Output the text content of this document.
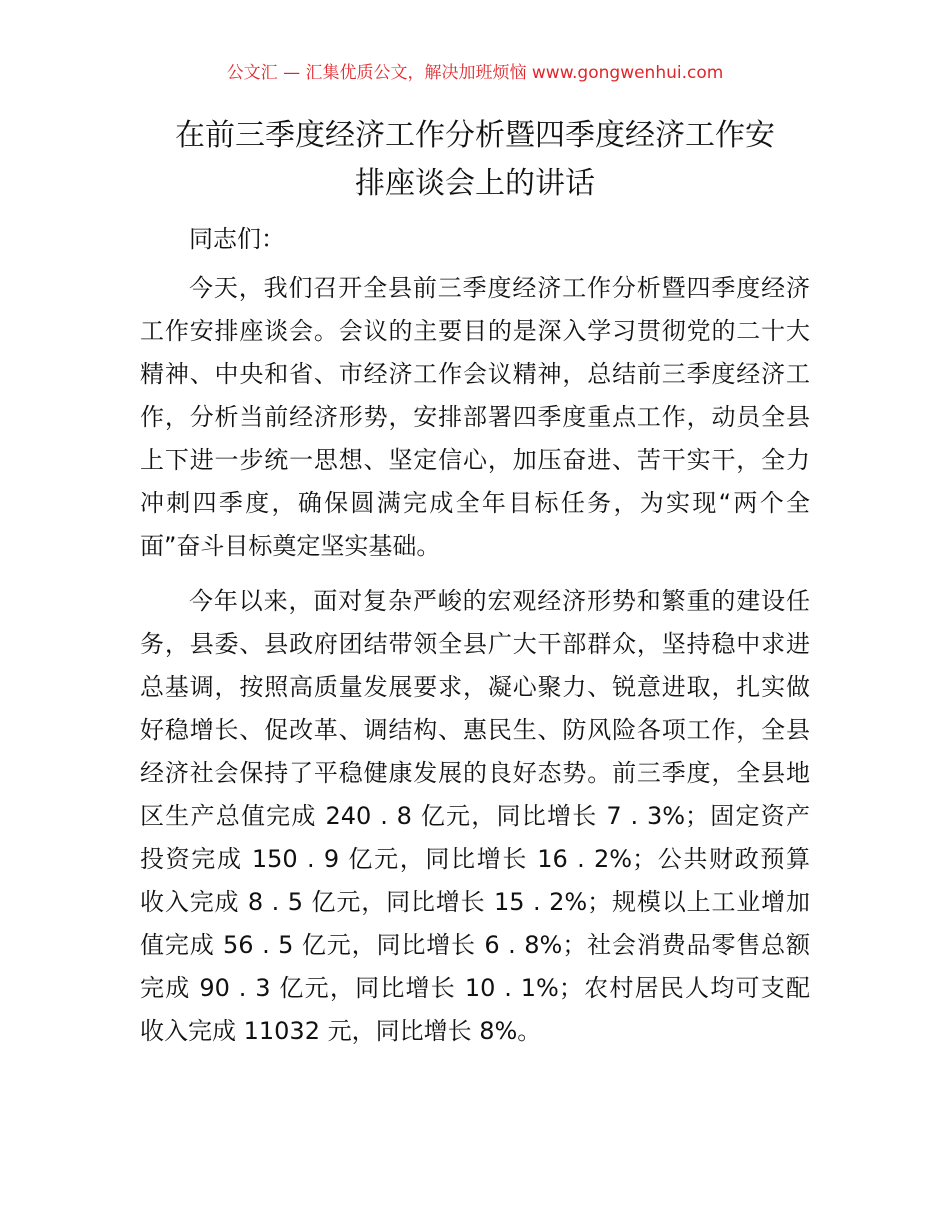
公文汇 — 汇集优质公文，解决加班烦恼 www.gongwenhui.com
在前三季度经济工作分析暨四季度经济工作安
排座谈会上的讲话
同志们：
今天，我们召开全县前三季度经济工作分析暨四季度经济
工作安排座谈会。会议的主要目的是深入学习贯彻党的二十大
精神、中央和省、市经济工作会议精神，总结前三季度经济工
作，分析当前经济形势，安排部署四季度重点工作，动员全县
上下进一步统一思想、坚定信心，加压奋进、苦干实干，全力
冲刺四季度，确保圆满完成全年目标任务，为实现“两个全
面”奋斗目标奠定坚实基础。
今年以来，面对复杂严峻的宏观经济形势和繁重的建设任
务，县委、县政府团结带领全县广大干部群众，坚持稳中求进
总基调，按照高质量发展要求，凝心聚力、锐意进取，扎实做
好稳增长、促改革、调结构、惠民生、防风险各项工作，全县
经济社会保持了平稳健康发展的良好态势。前三季度，全县地
区生产总值完成 240 . 8 亿元，同比增长 7 . 3%；固定资产
投资完成 150 . 9 亿元，同比增长 16 . 2%；公共财政预算
收入完成 8 . 5 亿元，同比增长 15 . 2%；规模以上工业增加
值完成 56 . 5 亿元，同比增长 6 . 8%；社会消费品零售总额
完成 90 . 3 亿元，同比增长 10 . 1%；农村居民人均可支配
收入完成 11032 元，同比增长 8%。
